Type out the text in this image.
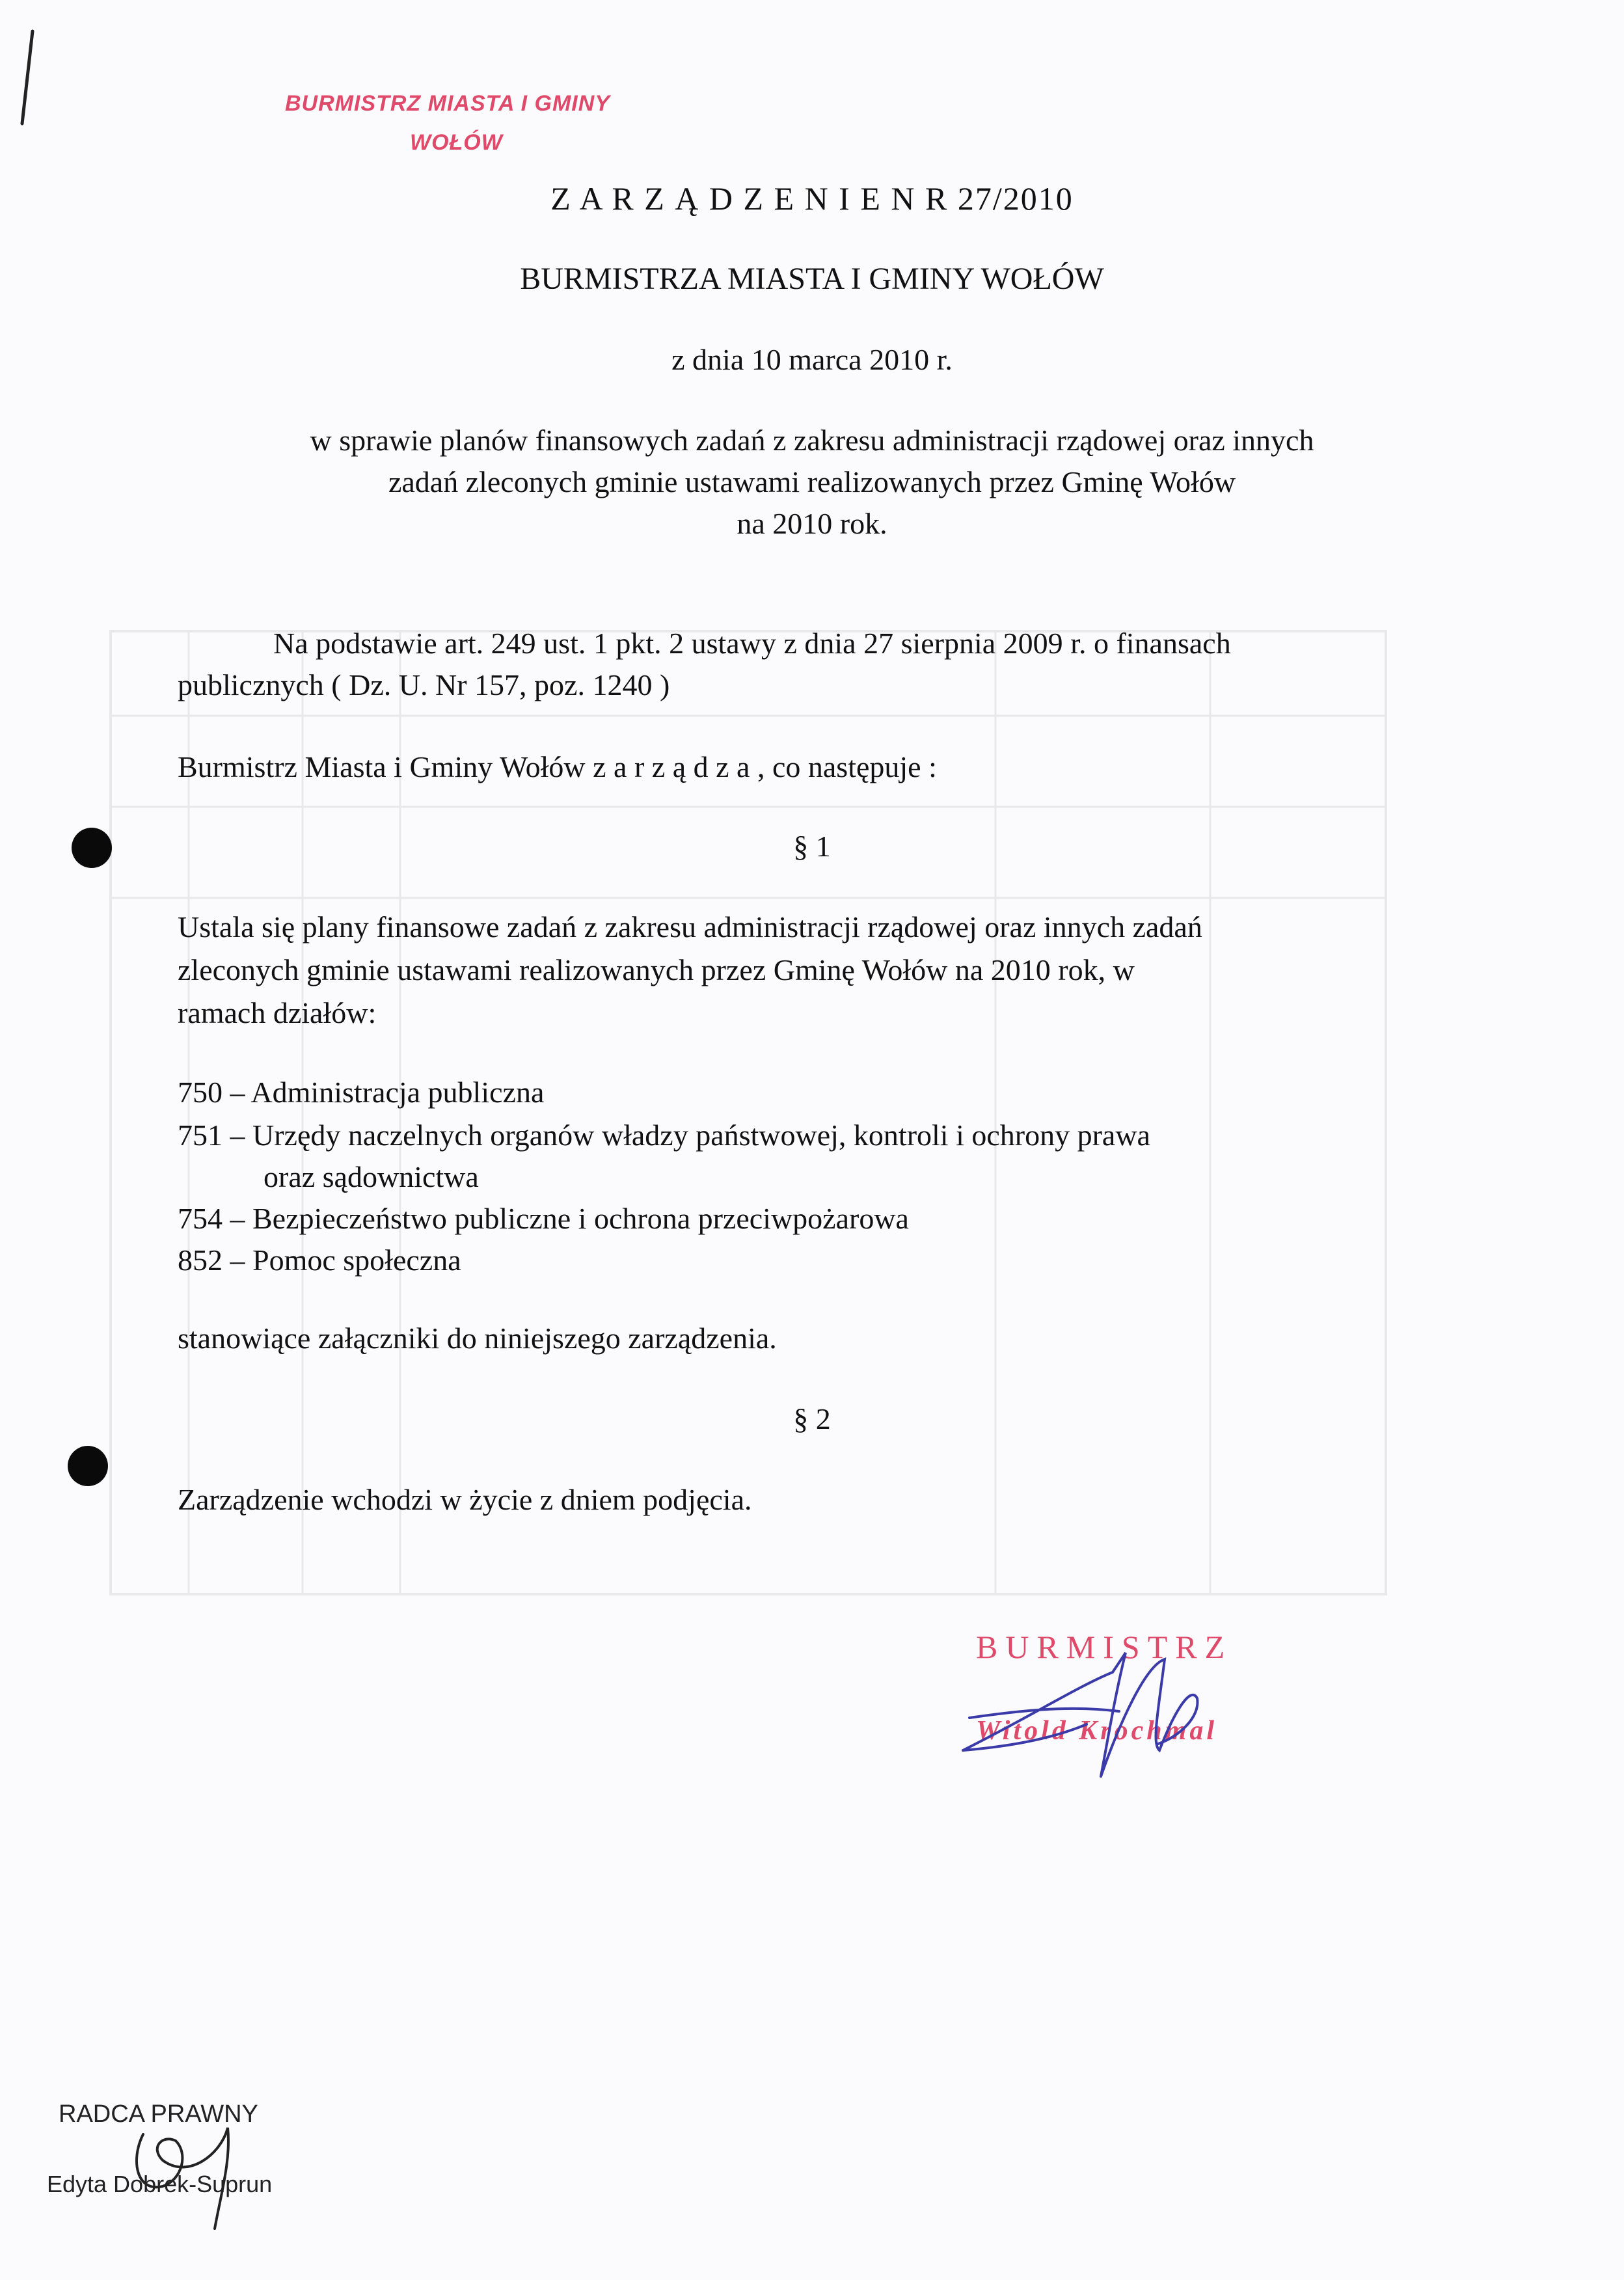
BURMISTRZ MIASTA I GMINY
WOŁÓW
Z A R Z Ą D Z E N I E N R 27/2010
BURMISTRZA MIASTA I GMINY WOŁÓW
z dnia 10 marca 2010 r.
w sprawie planów finansowych zadań z zakresu administracji rządowej oraz innych
zadań zleconych gminie ustawami realizowanych przez Gminę Wołów
na 2010 rok.
Na podstawie art. 249 ust. 1 pkt. 2 ustawy z dnia 27 sierpnia 2009 r. o finansach
publicznych ( Dz. U. Nr 157, poz. 1240 )
Burmistrz Miasta i Gminy Wołów z a r z ą d z a , co następuje :
§ 1
Ustala się plany finansowe zadań z zakresu administracji rządowej oraz innych zadań
zleconych gminie ustawami realizowanych przez Gminę Wołów na 2010 rok, w
ramach działów:
750 – Administracja publiczna
751 – Urzędy naczelnych organów władzy państwowej, kontroli i ochrony prawa
oraz sądownictwa
754 – Bezpieczeństwo publiczne i ochrona przeciwpożarowa
852 – Pomoc społeczna
stanowiące załączniki do niniejszego zarządzenia.
§ 2
Zarządzenie wchodzi w życie z dniem podjęcia.
BURMISTRZ
Witold Krochmal
RADCA PRAWNY
Edyta Dobrek-Suprun
